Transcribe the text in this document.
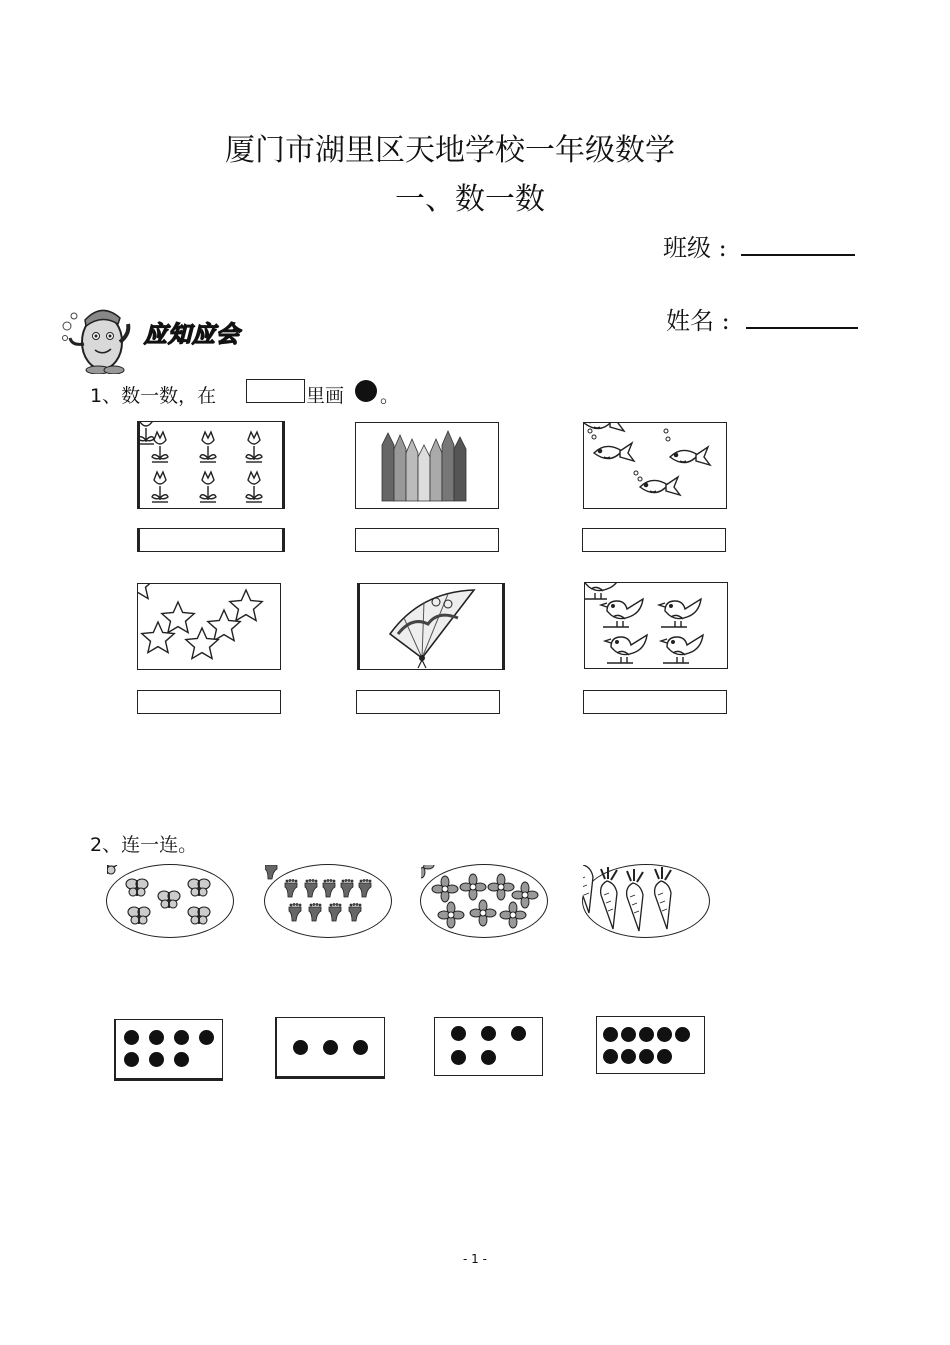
厦门市湖里区天地学校一年级数学
一、数一数
班级 :
姓名 :
应知应会
1、数一数，在	里画 。
2、连一连。
- 1 -
